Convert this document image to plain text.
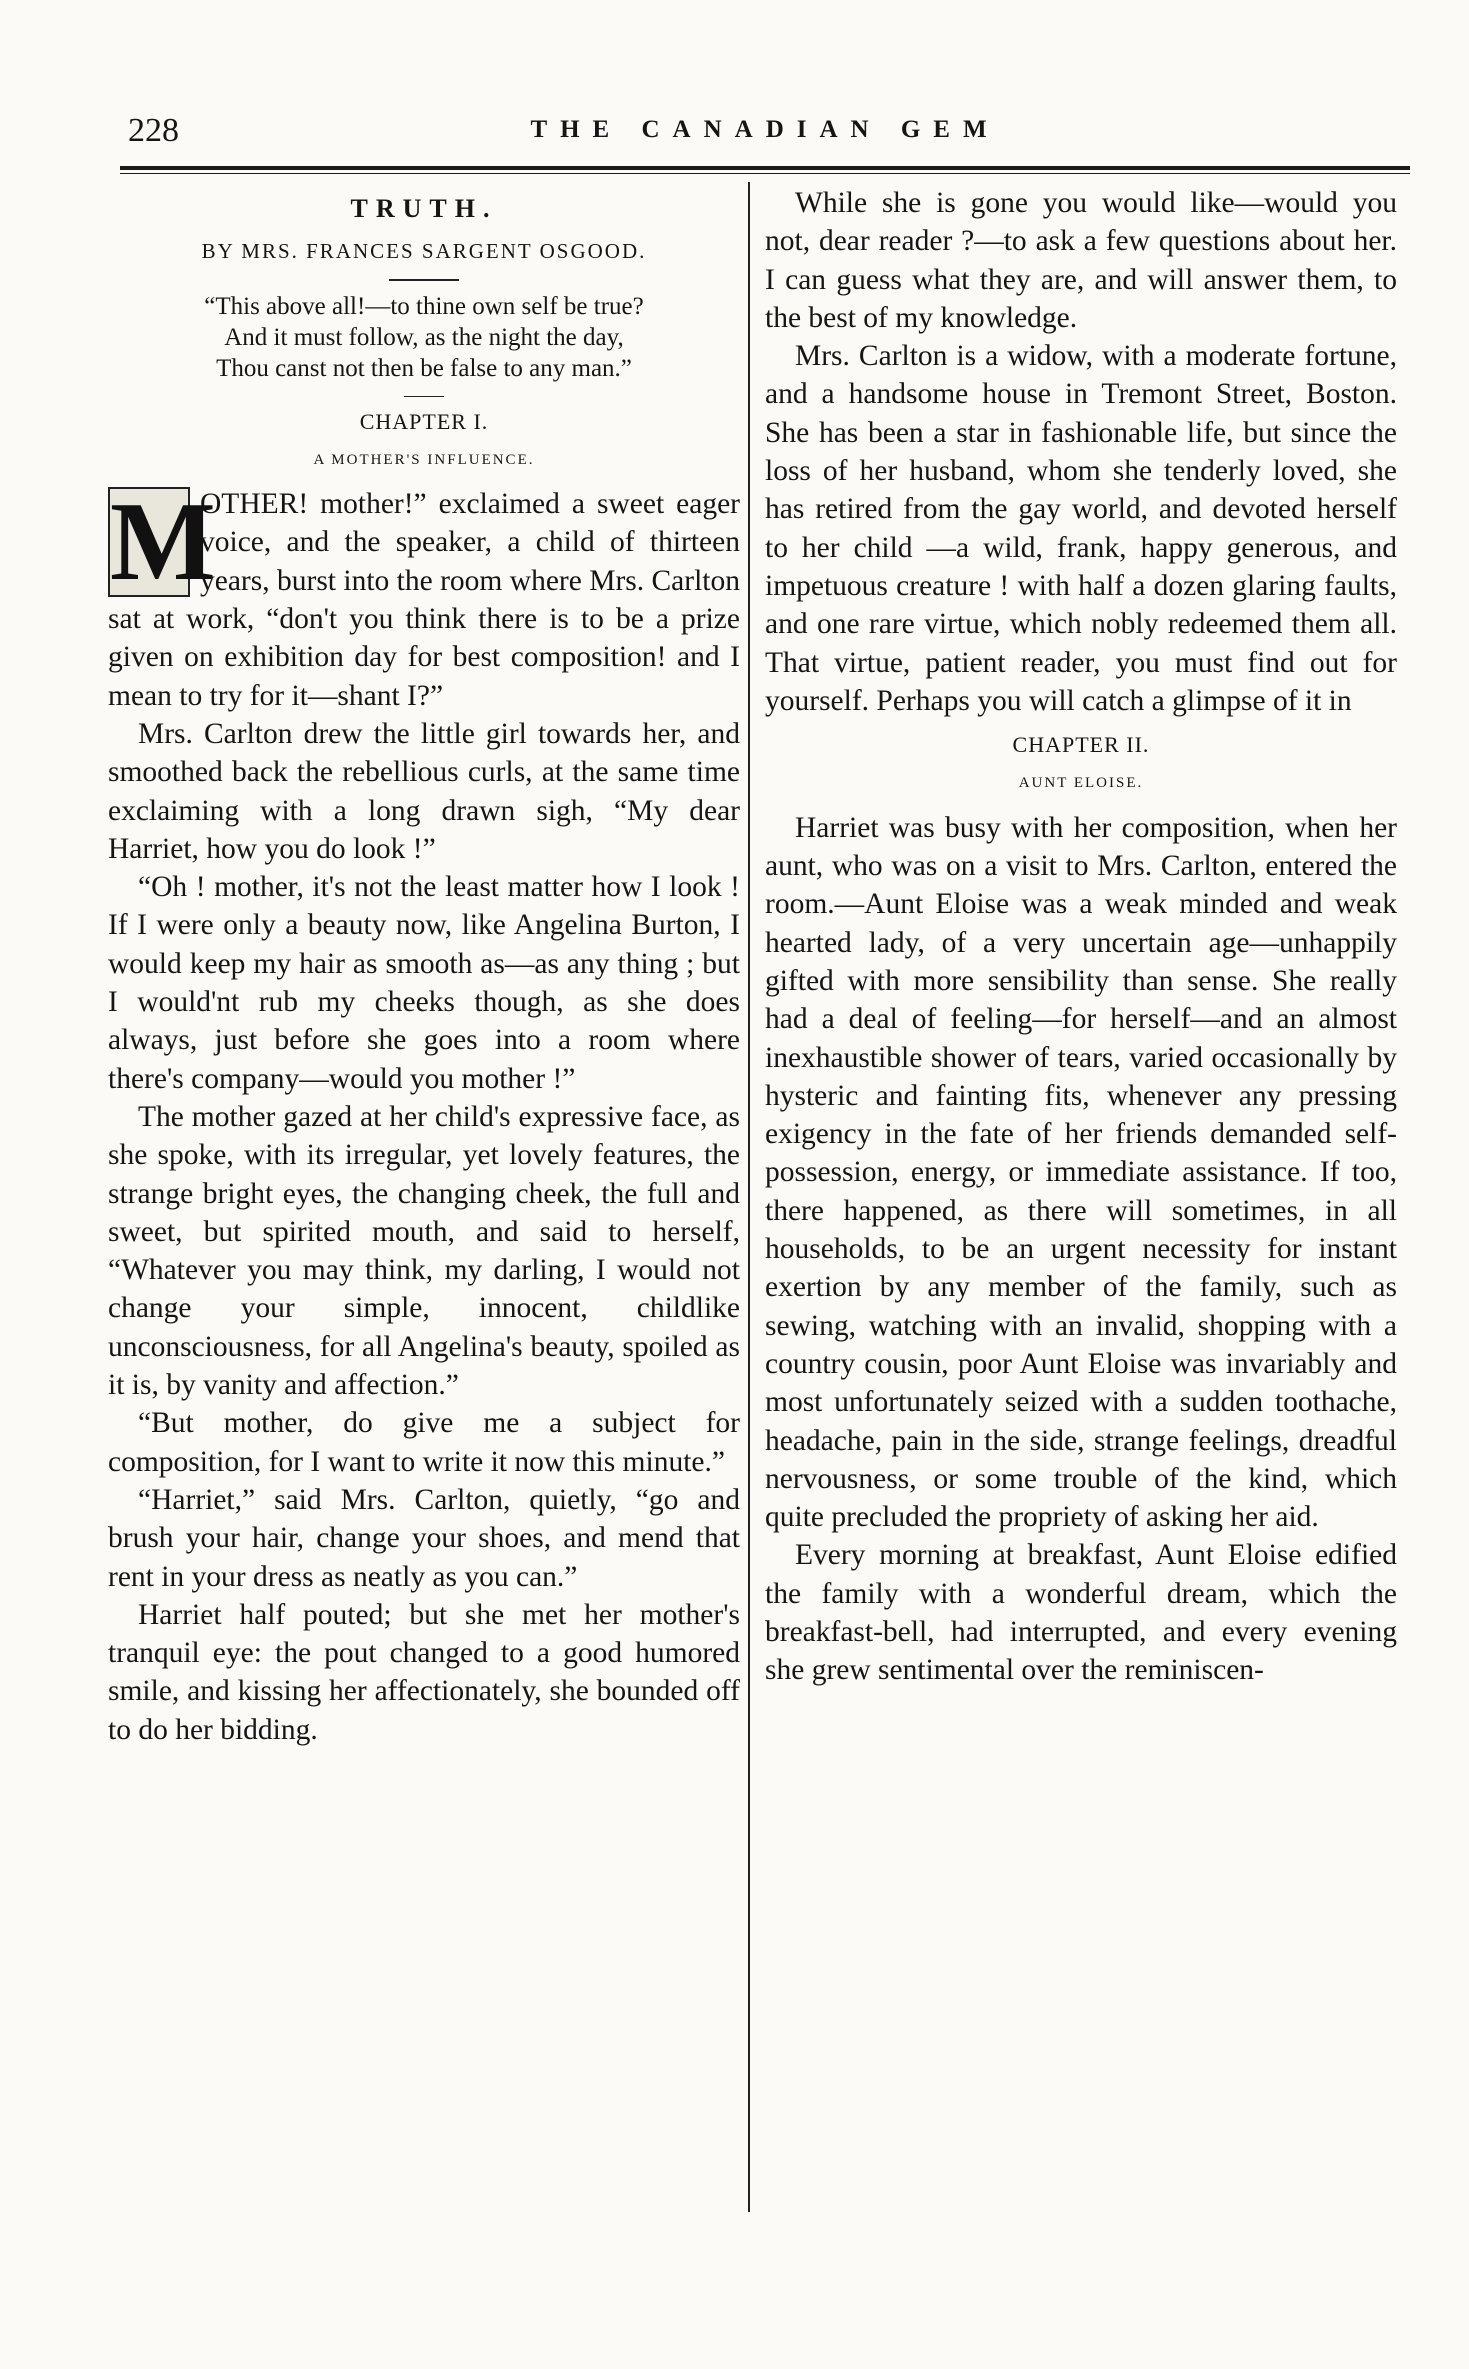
228	THE CANADIAN GEM
TRUTH.
BY MRS. FRANCES SARGENT OSGOOD.
“This above all!—to thine own self be true?
And it must follow, as the night the day,
Thou canst not then be false to any man.”
CHAPTER I.
A MOTHER'S INFLUENCE.

M
OTHER! mother!” exclaimed a sweet eager voice, and the speaker, a child of thirteen years, burst into the room where Mrs. Carlton sat at work, “don't you think there is to be a prize given on exhibition day for best composition! and I mean to try for it—shant I?”

Mrs. Carlton drew the little girl towards her, and smoothed back the rebellious curls, at the same time exclaiming with a long drawn sigh, “My dear Harriet, how you do look !”

“Oh ! mother, it's not the least matter how I look ! If I were only a beauty now, like Angelina Burton, I would keep my hair as smooth as—as any thing ; but I would'nt rub my cheeks though, as she does always, just before she goes into a room where there's company—would you mother !”

The mother gazed at her child's expressive face, as she spoke, with its irregular, yet lovely features, the strange bright eyes, the changing cheek, the full and sweet, but spirited mouth, and said to herself, “Whatever you may think, my darling, I would not change your simple, innocent, childlike unconsciousness, for all Angelina's beauty, spoiled as it is, by vanity and affection.”

“But mother, do give me a subject for composition, for I want to write it now this minute.”

“Harriet,” said Mrs. Carlton, quietly, “go and brush your hair, change your shoes, and mend that rent in your dress as neatly as you can.”

Harriet half pouted; but she met her mother's tranquil eye: the pout changed to a good humored smile, and kissing her affectionately, she bounded off to do her bidding.

While she is gone you would like—would you not, dear reader ?—to ask a few questions about her. I can guess what they are, and will answer them, to the best of my knowledge.

Mrs. Carlton is a widow, with a moderate fortune, and a handsome house in Tremont Street, Boston. She has been a star in fashionable life, but since the loss of her husband, whom she tenderly loved, she has retired from the gay world, and devoted herself to her child —a wild, frank, happy generous, and impetuous creature ! with half a dozen glaring faults, and one rare virtue, which nobly redeemed them all. That virtue, patient reader, you must find out for yourself. Perhaps you will catch a glimpse of it in

CHAPTER II.
AUNT ELOISE.

Harriet was busy with her composition, when her aunt, who was on a visit to Mrs. Carlton, entered the room.—Aunt Eloise was a weak minded and weak hearted lady, of a very uncertain age—unhappily gifted with more sensibility than sense. She really had a deal of feeling—for herself—and an almost inexhaustible shower of tears, varied occasionally by hysteric and fainting fits, whenever any pressing exigency in the fate of her friends demanded self-possession, energy, or immediate assistance. If too, there happened, as there will sometimes, in all households, to be an urgent necessity for instant exertion by any member of the family, such as sewing, watching with an invalid, shopping with a country cousin, poor Aunt Eloise was invariably and most unfortunately seized with a sudden toothache, headache, pain in the side, strange feelings, dreadful nervousness, or some trouble of the kind, which quite precluded the propriety of asking her aid.

Every morning at breakfast, Aunt Eloise edified the family with a wonderful dream, which the breakfast-bell, had interrupted, and every evening she grew sentimental over the reminiscen-
